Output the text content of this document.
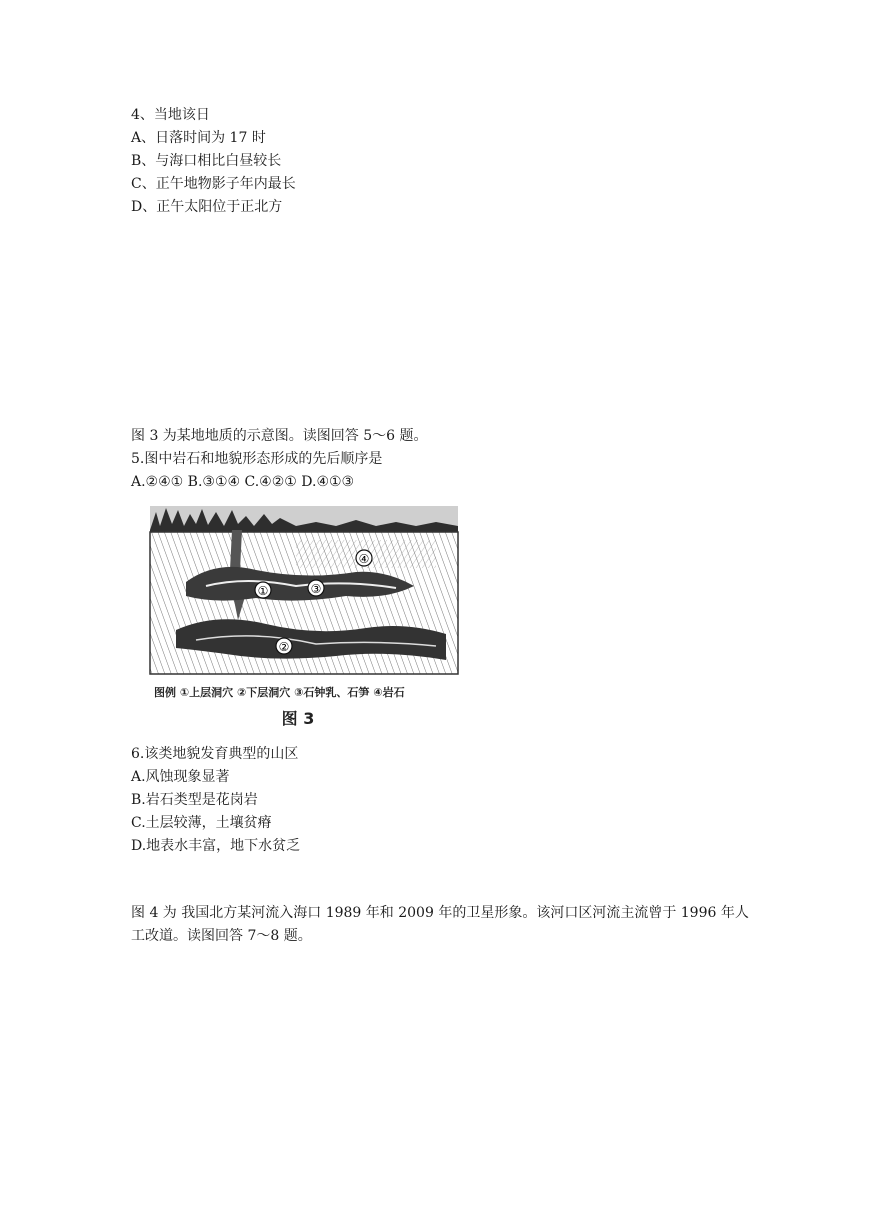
4、当地该日
A、日落时间为 17 时
B、与海口相比白昼较长
C、正午地物影子年内最长
D、正午太阳位于正北方
图 3 为某地地质的示意图。读图回答 5～6 题。
5.图中岩石和地貌形态形成的先后顺序是
A.②④① B.③①④ C.④②① D.④①③
①
②
③
④
图例 ①上层洞穴 ②下层洞穴 ③石钟乳、石笋 ④岩石
图 3
6.该类地貌发育典型的山区
A.风蚀现象显著
B.岩石类型是花岗岩
C.土层较薄，土壤贫瘠
D.地表水丰富，地下水贫乏
图 4 为 我国北方某河流入海口 1989 年和 2009 年的卫星形象。该河口区河流主流曾于 1996 年人工改道。读图回答 7～8 题。
